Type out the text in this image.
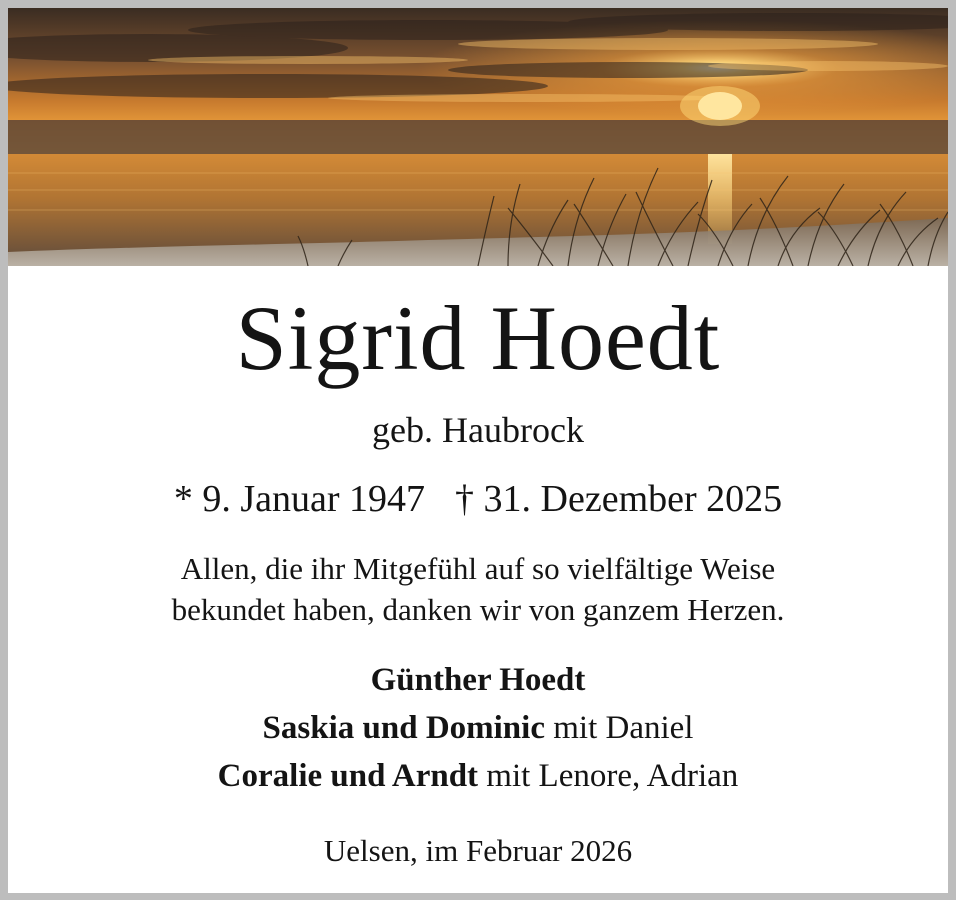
Sigrid Hoedt
geb. Haubrock
* 9. Januar 1947 † 31. Dezember 2025
Allen, die ihr Mitgefühl auf so vielfältige Weise
bekundet haben, danken wir von ganzem Herzen.
Günther Hoedt
Saskia und Dominic mit Daniel
Coralie und Arndt mit Lenore, Adrian
Uelsen, im Februar 2026
